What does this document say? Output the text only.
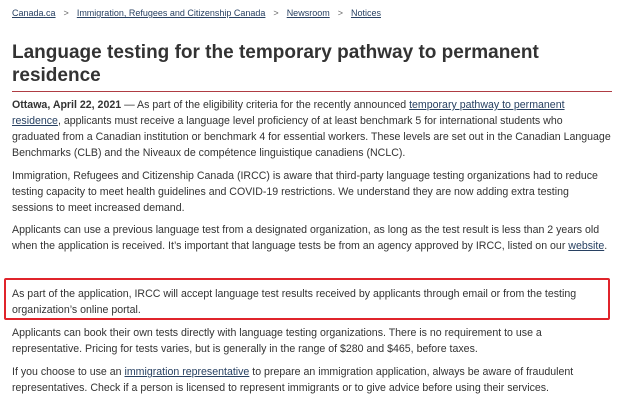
Canada.ca > Immigration, Refugees and Citizenship Canada > Newsroom > Notices
Language testing for the temporary pathway to permanent residence

Ottawa, April 22, 2021 — As part of the eligibility criteria for the recently announced temporary pathway to permanent residence, applicants must receive a language level proficiency of at least benchmark 5 for international students who graduated from a Canadian institution or benchmark 4 for essential workers. These levels are set out in the Canadian Language Benchmarks (CLB) and the Niveaux de compétence linguistique canadiens (NCLC).

Immigration, Refugees and Citizenship Canada (IRCC) is aware that third-party language testing organizations had to reduce testing capacity to meet health guidelines and COVID-19 restrictions. We understand they are now adding extra testing sessions to meet increased demand.

Applicants can use a previous language test from a designated organization, as long as the test result is less than 2 years old when the application is received. It’s important that language tests be from an agency approved by IRCC, listed on our website.

As part of the application, IRCC will accept language test results received by applicants through email or from the testing organization’s online portal.

Applicants can book their own tests directly with language testing organizations. There is no requirement to use a representative. Pricing for tests varies, but is generally in the range of $280 and $465, before taxes.

If you choose to use an immigration representative to prepare an immigration application, always be aware of fraudulent representatives. Check if a person is licensed to represent immigrants or to give advice before using their services.
